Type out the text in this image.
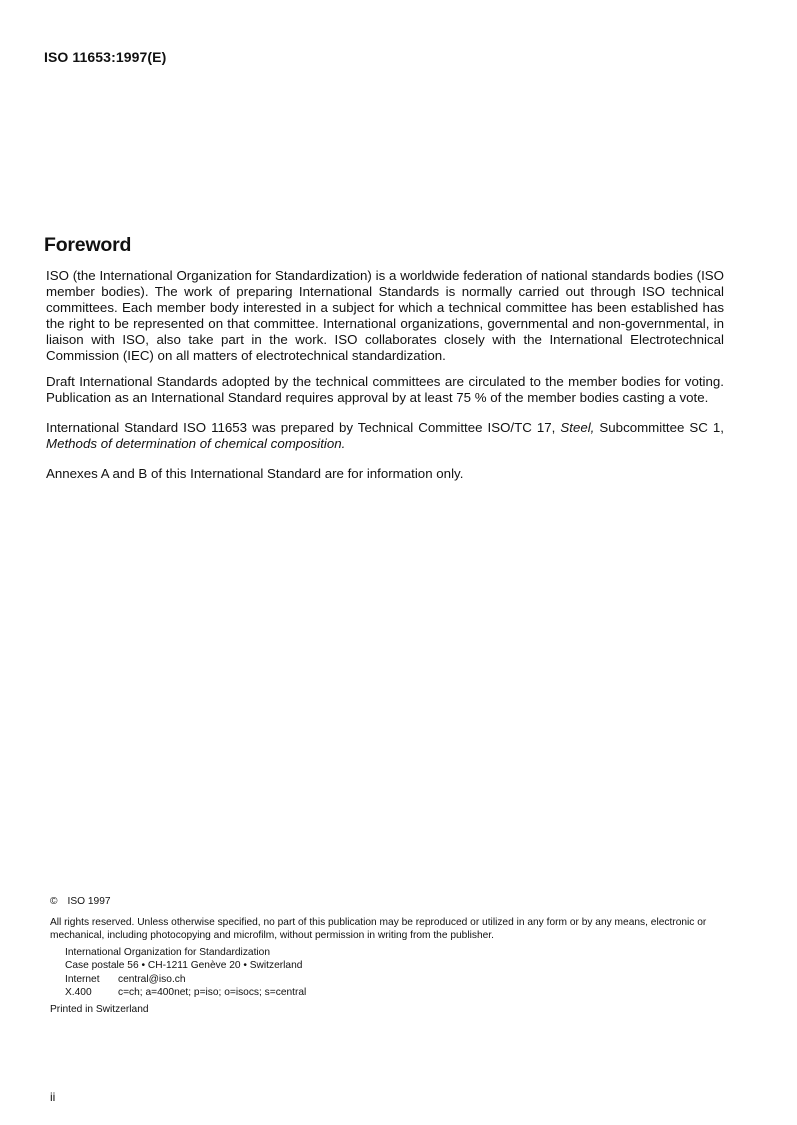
ISO 11653:1997(E)
Foreword

ISO (the International Organization for Standardization) is a worldwide federation of national standards bodies (ISO member bodies). The work of preparing International Standards is normally carried out through ISO technical committees. Each member body interested in a subject for which a technical committee has been established has the right to be represented on that committee. International organizations, governmental and non-governmental, in liaison with ISO, also take part in the work. ISO collaborates closely with the International Electrotechnical Commission (IEC) on all matters of electrotechnical standardization.

Draft International Standards adopted by the technical committees are circulated to the member bodies for voting. Publication as an International Standard requires approval by at least 75 % of the member bodies casting a vote.

International Standard ISO 11653 was prepared by Technical Committee ISO/TC 17, Steel, Subcommittee SC 1, Methods of determination of chemical composition.

Annexes A and B of this International Standard are for information only.

© ISO 1997
All rights reserved. Unless otherwise specified, no part of this publication may be reproduced or utilized in any form or by any means, electronic or mechanical, including photocopying and microfilm, without permission in writing from the publisher.
International Organization for Standardization
Case postale 56 • CH-1211 Genève 20 • Switzerland
Internet	central@iso.ch
X.400	c=ch; a=400net; p=iso; o=isocs; s=central
Printed in Switzerland
ii
